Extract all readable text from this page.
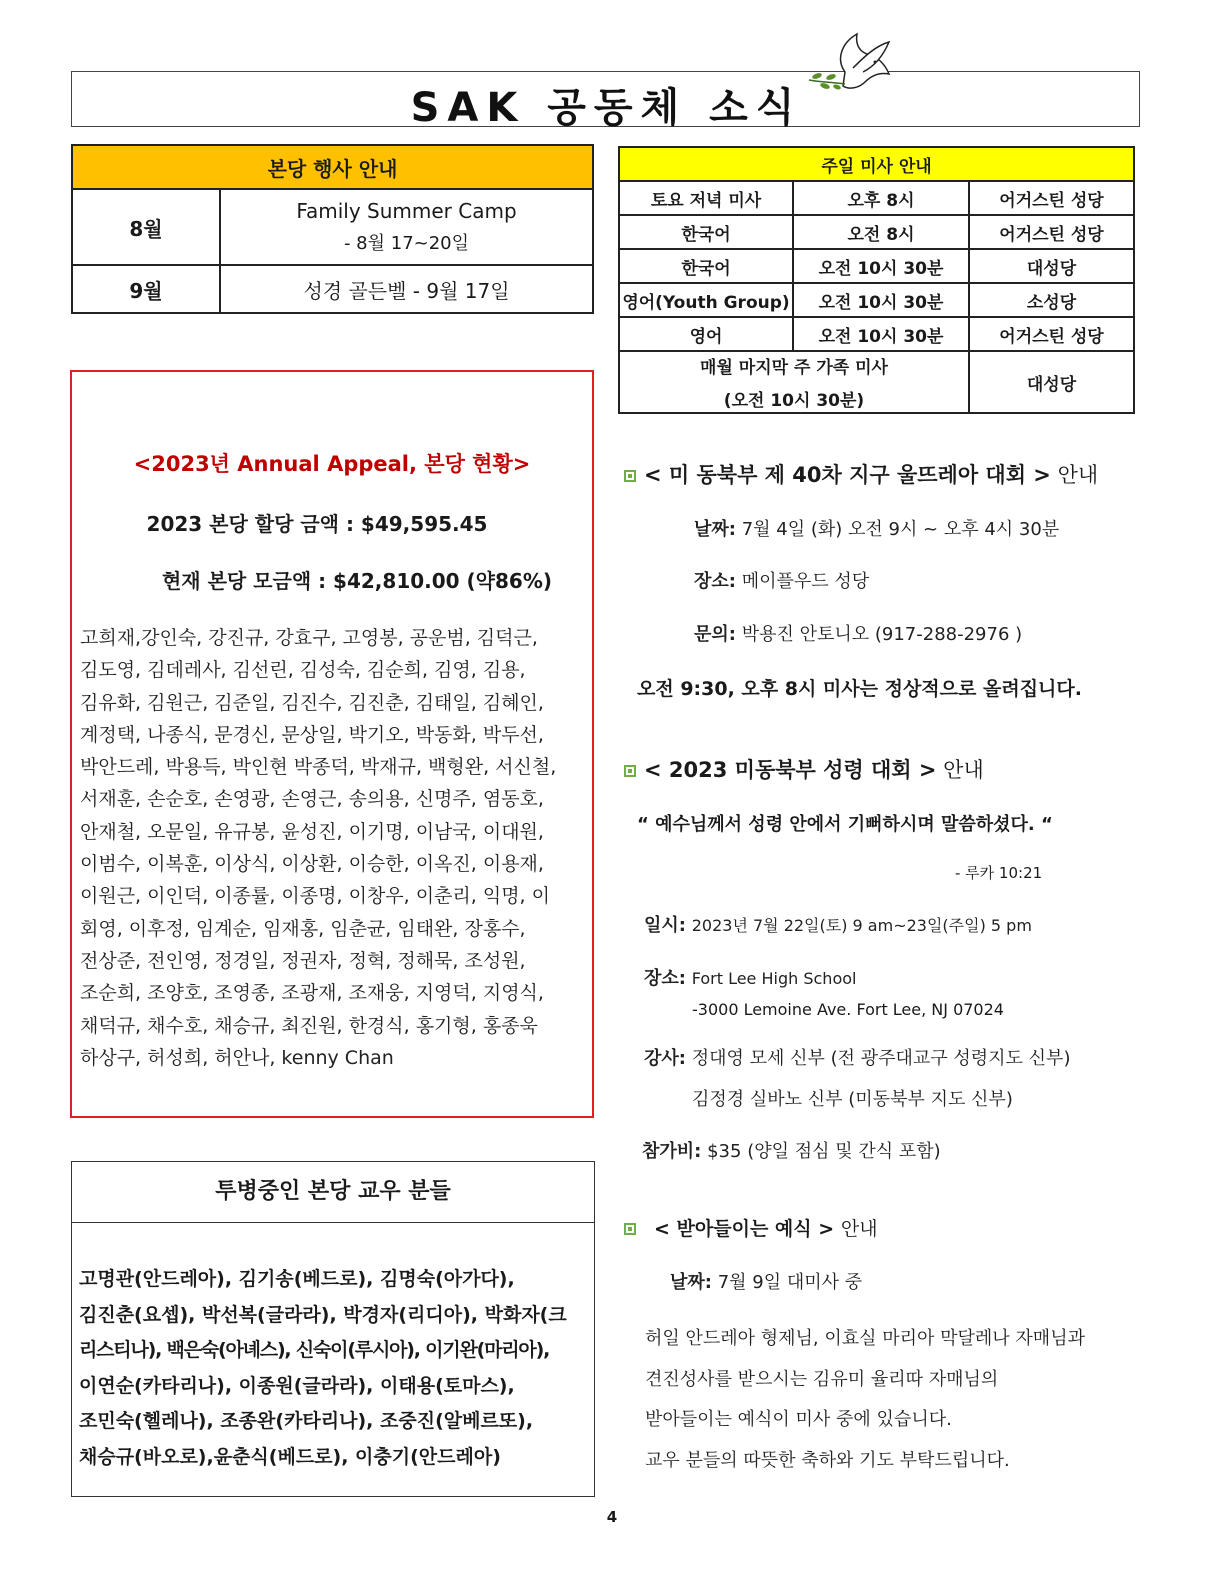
SAK 공동체 소식
본당 행사 안내	
8월	Family Summer Camp
- 8월 17~20일

9월	성경 골든벨 - 9월 17일
주일 미사 안내		
토요 저녁 미사	오후 8시	어거스틴 성당
한국어	오전 8시	어거스틴 성당
한국어	오전 10시 30분	대성당
영어(Youth Group)	오전 10시 30분	소성당
영어	오전 10시 30분	어거스틴 성당

매월 마지막 주 가족 미사
(오전 10시 30분)		대성당
<2023년 Annual Appeal, 본당 현황>
2023 본당 할당 금액 : $49,595.45
현재 본당 모금액 : $42,810.00 (약86%)
고희재,강인숙, 강진규, 강효구, 고영봉, 공운범, 김덕근,
김도영, 김데레사, 김선린, 김성숙, 김순희, 김영, 김용,
김유화, 김원근, 김준일, 김진수, 김진춘, 김태일, 김혜인,
계정택, 나종식, 문경신, 문상일, 박기오, 박동화, 박두선,
박안드레, 박용득, 박인현 박종덕, 박재규, 백형완, 서신철,
서재훈, 손순호, 손영광, 손영근, 송의용, 신명주, 염동호,
안재철, 오문일, 유규봉, 윤성진, 이기명, 이남국, 이대원,
이범수, 이복훈, 이상식, 이상환, 이승한, 이옥진, 이용재,
이원근, 이인덕, 이종률, 이종명, 이창우, 이춘리, 익명, 이
회영, 이후정, 임계순, 임재홍, 임춘균, 임태완, 장홍수,
전상준, 전인영, 정경일, 정권자, 정혁, 정해묵, 조성원,
조순희, 조양호, 조영종, 조광재, 조재웅, 지영덕, 지영식,
채덕규, 채수호, 채승규, 최진원, 한경식, 홍기형, 홍종욱
하상구, 허성희, 허안나, kenny Chan
투병중인 본당 교우 분들
고명관(안드레아), 김기송(베드로), 김명숙(아가다),
김진춘(요셉), 박선복(글라라), 박경자(리디아), 박화자(크
리스티나), 백은숙(아녜스), 신숙이(루시아), 이기완(마리아),
이연순(카타리나), 이종원(글라라), 이태용(토마스),
조민숙(헬레나), 조종완(카타리나), 조중진(알베르또),
채승규(바오로),윤춘식(베드로), 이충기(안드레아)
< 미 동북부 제 40차 지구 울뜨레아 대회 > 안내
날짜: 7월 4일 (화) 오전 9시 ~ 오후 4시 30분
장소: 메이플우드 성당
문의: 박용진 안토니오 (917-288-2976 )
오전 9:30, 오후 8시 미사는 정상적으로 올려집니다.
< 2023 미동북부 성령 대회 > 안내
“ 예수님께서 성령 안에서 기뻐하시며 말씀하셨다. “
- 루카 10:21
일시: 2023년 7월 22일(토) 9 am~23일(주일) 5 pm
장소: Fort Lee High School
-3000 Lemoine Ave. Fort Lee, NJ 07024
강사: 정대영 모세 신부 (전 광주대교구 성령지도 신부)
김정경 실바노 신부 (미동북부 지도 신부)
참가비: $35 (양일 점심 및 간식 포함)
< 받아들이는 예식 > 안내
날짜: 7월 9일 대미사 중
허일 안드레아 형제님, 이효실 마리아 막달레나 자매님과
견진성사를 받으시는 김유미 율리따 자매님의
받아들이는 예식이 미사 중에 있습니다.
교우 분들의 따뜻한 축하와 기도 부탁드립니다.
4
